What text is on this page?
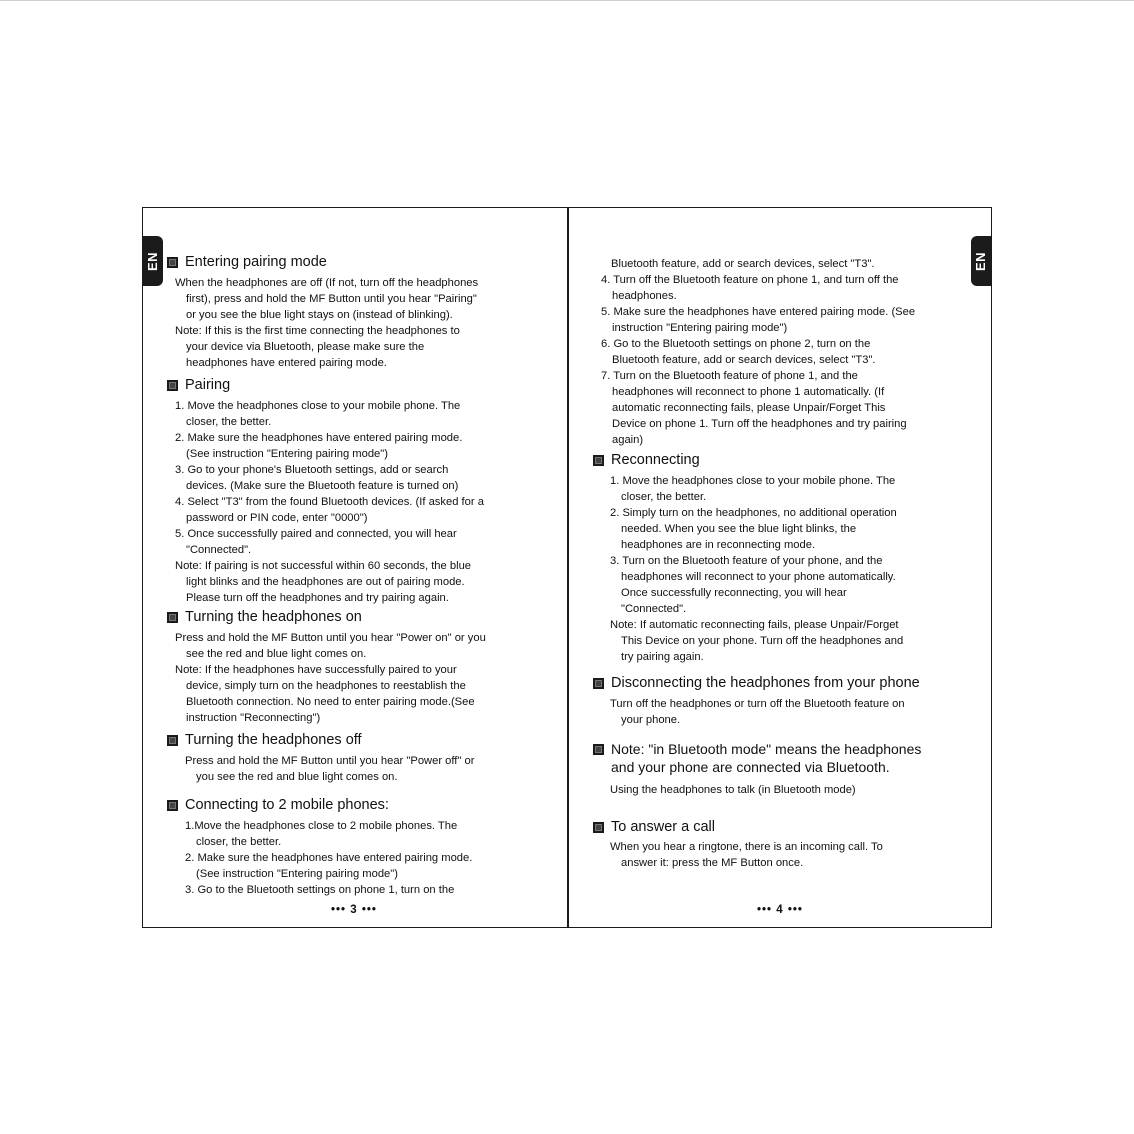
EN	EN
Entering pairing mode
When the headphones are off (If not, turn off the headphones
first), press and hold the MF Button until you hear "Pairing"
or you see the blue light stays on (instead of blinking).
Note: If this is the first time connecting the headphones to
your device via Bluetooth, please make sure the
headphones have entered pairing mode.
Pairing
1. Move the headphones close to your mobile phone. The
closer, the better.
2. Make sure the headphones have entered pairing mode.
(See instruction "Entering pairing mode")
3. Go to your phone's Bluetooth settings, add or search
devices. (Make sure the Bluetooth feature is turned on)
4. Select "T3" from the found Bluetooth devices. (If asked for a
password or PIN code, enter "0000")
5. Once successfully paired and connected, you will hear
"Connected".
Note: If pairing is not successful within 60 seconds, the blue
light blinks and the headphones are out of pairing mode.
Please turn off the headphones and try pairing again.
Turning the headphones on
Press and hold the MF Button until you hear "Power on" or you
see the red and blue light comes on.
Note: If the headphones have successfully paired to your
device, simply turn on the headphones to reestablish the
Bluetooth connection. No need to enter pairing mode.(See
instruction "Reconnecting")
Turning the headphones off
Press and hold the MF Button until you hear "Power off" or
you see the red and blue light comes on.
Connecting to 2 mobile phones:
1.Move the headphones close to 2 mobile phones. The
closer, the better.
2. Make sure the headphones have entered pairing mode.
(See instruction "Entering pairing mode")
3. Go to the Bluetooth settings on phone 1, turn on the
••• 3 •••
Bluetooth feature, add or search devices, select "T3".
4. Turn off the Bluetooth feature on phone 1, and turn off the
headphones.
5. Make sure the headphones have entered pairing mode. (See
instruction "Entering pairing mode")
6. Go to the Bluetooth settings on phone 2, turn on the
Bluetooth feature, add or search devices, select "T3".
7. Turn on the Bluetooth feature of phone 1, and the
headphones will reconnect to phone 1 automatically. (If
automatic reconnecting fails, please Unpair/Forget This
Device on phone 1. Turn off the headphones and try pairing
again)
Reconnecting
1. Move the headphones close to your mobile phone. The
closer, the better.
2. Simply turn on the headphones, no additional operation
needed. When you see the blue light blinks, the
headphones are in reconnecting mode.
3. Turn on the Bluetooth feature of your phone, and the
headphones will reconnect to your phone automatically.
Once successfully reconnecting, you will hear
"Connected".
Note: If automatic reconnecting fails, please Unpair/Forget
This Device on your phone. Turn off the headphones and
try pairing again.
Disconnecting the headphones from your phone
Turn off the headphones or turn off the Bluetooth feature on
your phone.
Note: "in Bluetooth mode" means the headphones
and your phone are connected via Bluetooth.
Using the headphones to talk (in Bluetooth mode)
To answer a call
When you hear a ringtone, there is an incoming call. To
answer it: press the MF Button once.
••• 4 •••
